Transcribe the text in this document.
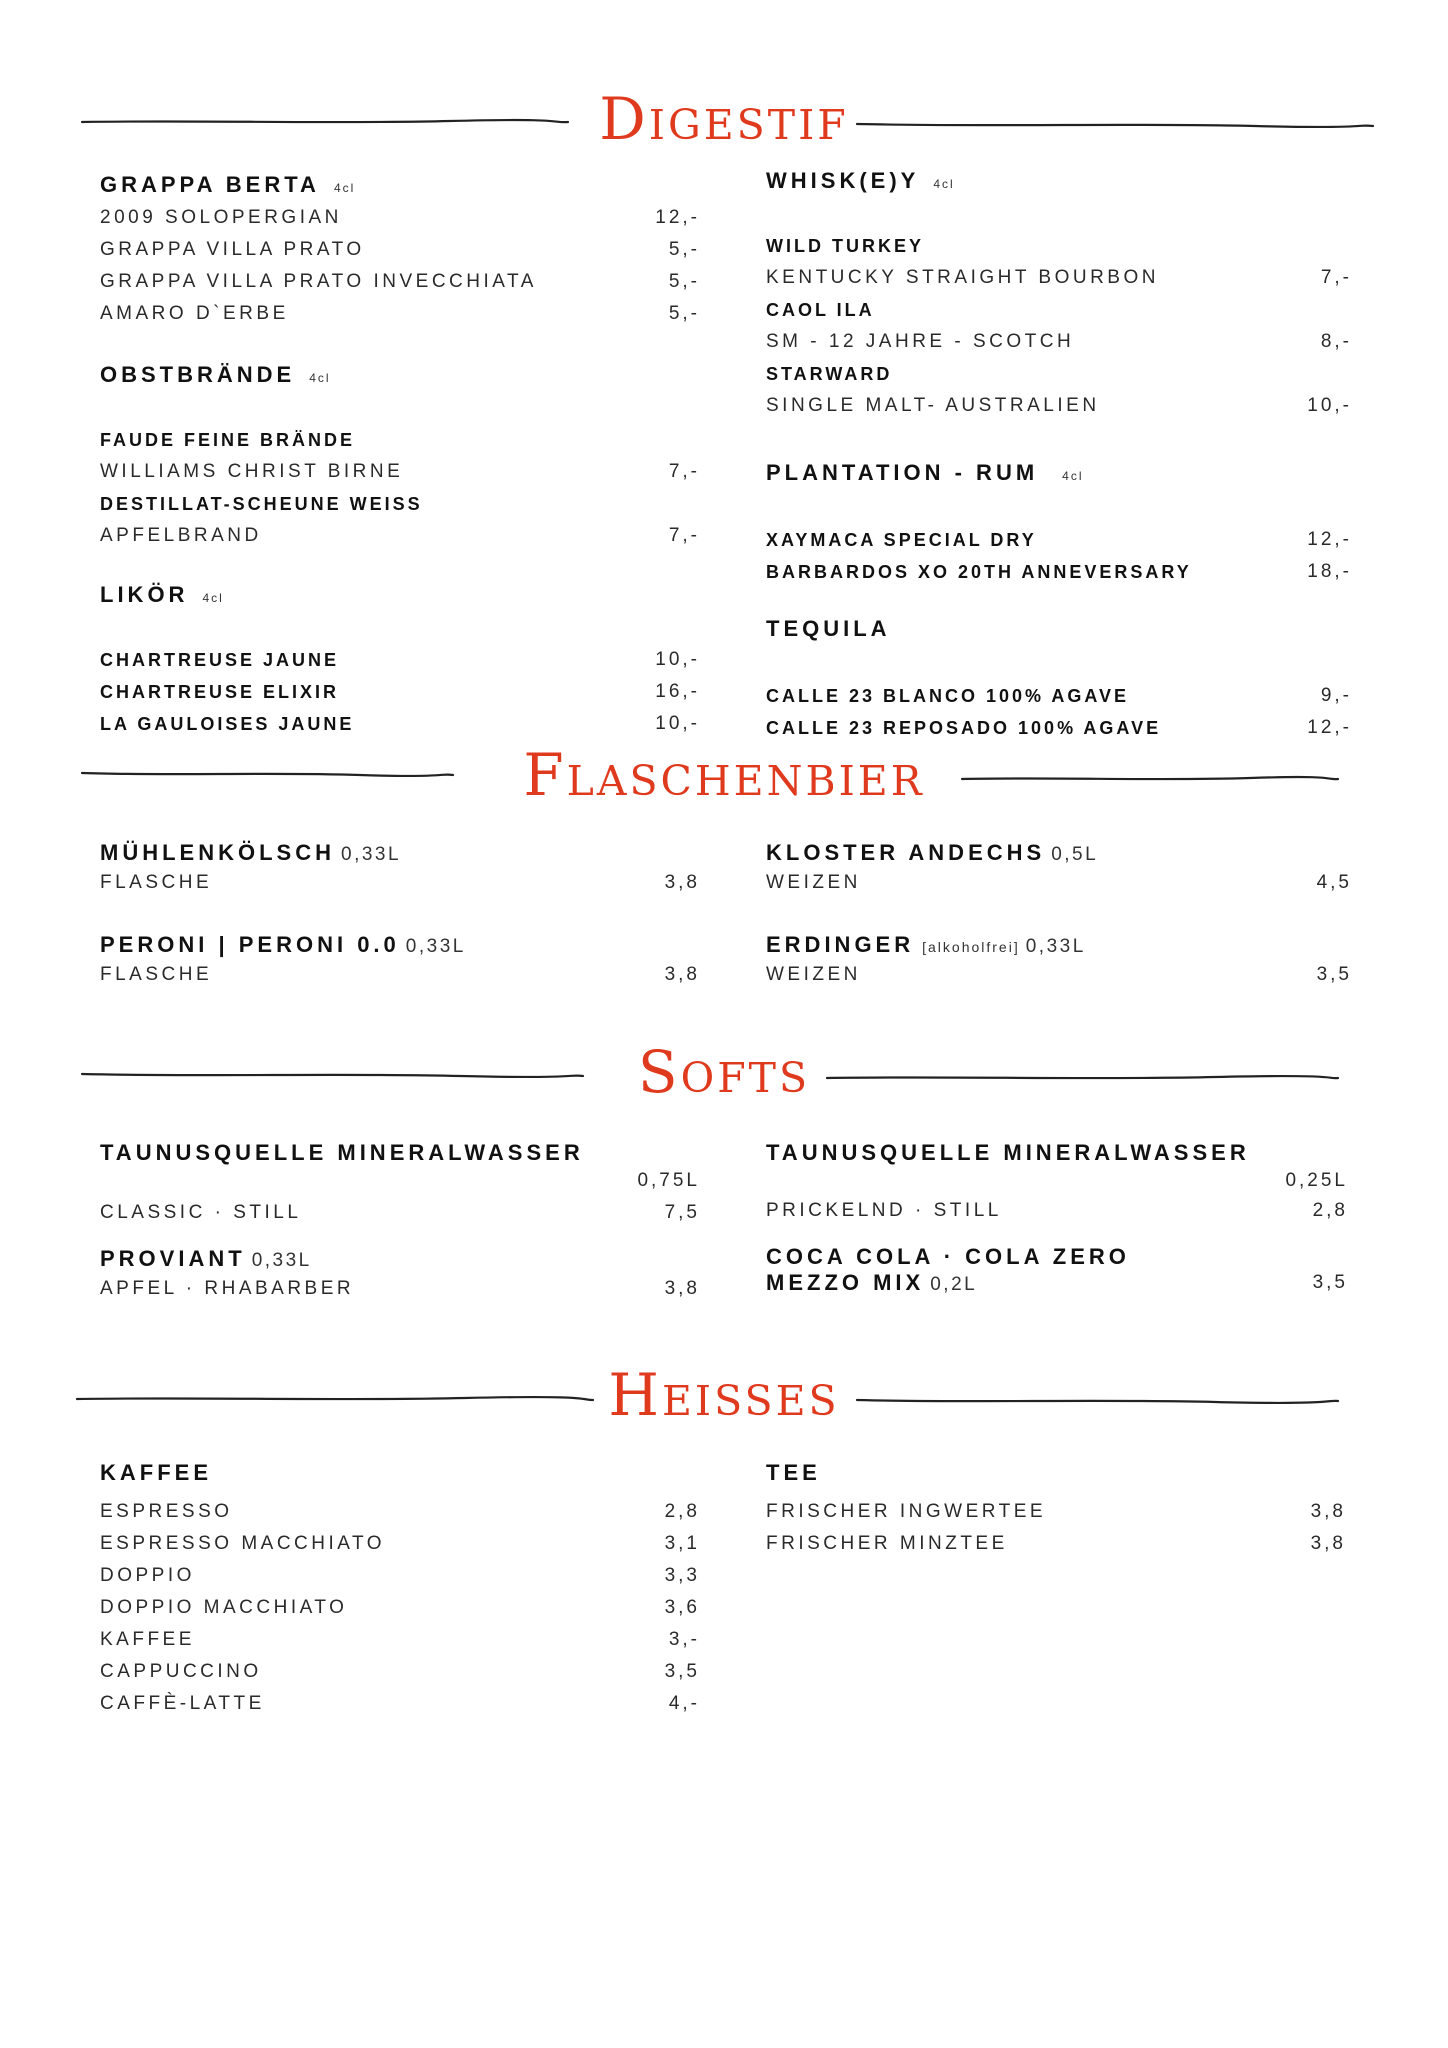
Digestif
GRAPPA BERTA 4cl
2009 SOLOPERGIAN	12,-
GRAPPA VILLA PRATO	5,-
GRAPPA VILLA PRATO INVECCHIATA	5,-
AMARO D`ERBE	5,-
OBSTBRÄNDE 4cl
FAUDE FEINE BRÄNDE
WILLIAMS CHRIST BIRNE	7,-
DESTILLAT-SCHEUNE WEISS
APFELBRAND	7,-
LIKÖR 4cl
CHARTREUSE JAUNE	10,-
CHARTREUSE ELIXIR	16,-
LA GAULOISES JAUNE	10,-
WHISK(E)Y 4cl
WILD TURKEY
KENTUCKY STRAIGHT BOURBON	7,-
CAOL ILA
SM - 12 JAHRE - SCOTCH	8,-
STARWARD
SINGLE MALT- AUSTRALIEN	10,-
PLANTATION - RUM 4cl
XAYMACA SPECIAL DRY	12,-
BARBARDOS XO 20TH ANNEVERSARY	18,-
TEQUILA
CALLE 23 BLANCO 100% AGAVE	9,-
CALLE 23 REPOSADO 100% AGAVE	12,-
Flaschenbier
MÜHLENKÖLSCH 0,33L
FLASCHE	3,8
PERONI | PERONI 0.0 0,33L
FLASCHE	3,8
KLOSTER ANDECHS 0,5L
WEIZEN	4,5
ERDINGER [alkoholfrei] 0,33L
WEIZEN	3,5
Softs
TAUNUSQUELLE MINERALWASSER
0,75L
CLASSIC · STILL	7,5
PROVIANT 0,33L
APFEL · RHABARBER	3,8
TAUNUSQUELLE MINERALWASSER
0,25L
PRICKELND · STILL	2,8
COCA COLA · COLA ZERO
MEZZO MIX 0,2L	3,5
Heisses
KAFFEE
ESPRESSO	2,8
ESPRESSO MACCHIATO	3,1
DOPPIO	3,3
DOPPIO MACCHIATO	3,6
KAFFEE	3,-
CAPPUCCINO	3,5
CAFFÈ-LATTE	4,-
TEE
FRISCHER INGWERTEE	3,8
FRISCHER MINZTEE	3,8
